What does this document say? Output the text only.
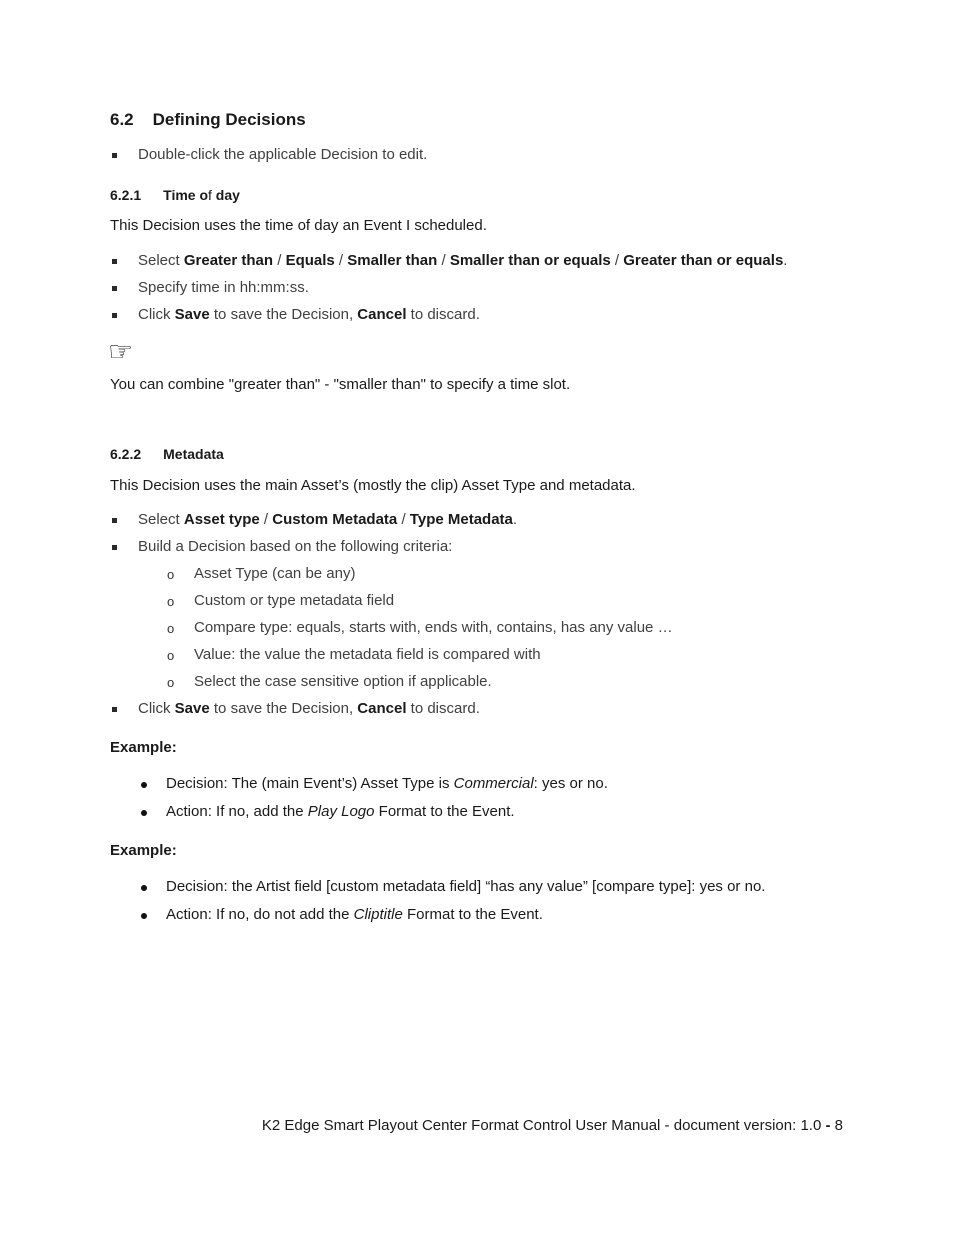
6.2 Defining Decisions
Double-click the applicable Decision to edit.
6.2.1 Time of day
This Decision uses the time of day an Event I scheduled.
Select Greater than / Equals / Smaller than / Smaller than or equals / Greater than or equals.
Specify time in hh:mm:ss.
Click Save to save the Decision, Cancel to discard.
☞
You can combine "greater than" - "smaller than" to specify a time slot.
6.2.2 Metadata
This Decision uses the main Asset’s (mostly the clip) Asset Type and metadata.
Select Asset type / Custom Metadata / Type Metadata.
Build a Decision based on the following criteria:
o Asset Type (can be any)
o Custom or type metadata field
o Compare type: equals, starts with, ends with, contains, has any value …
o Value: the value the metadata field is compared with
o Select the case sensitive option if applicable.
Click Save to save the Decision, Cancel to discard.
Example:
Decision: The (main Event’s) Asset Type is Commercial: yes or no.
Action: If no, add the Play Logo Format to the Event.
Example:
Decision: the Artist field [custom metadata field] “has any value” [compare type]: yes or no.
Action: If no, do not add the Cliptitle Format to the Event.
K2 Edge Smart Playout Center Format Control User Manual - document version: 1.0 - 8
